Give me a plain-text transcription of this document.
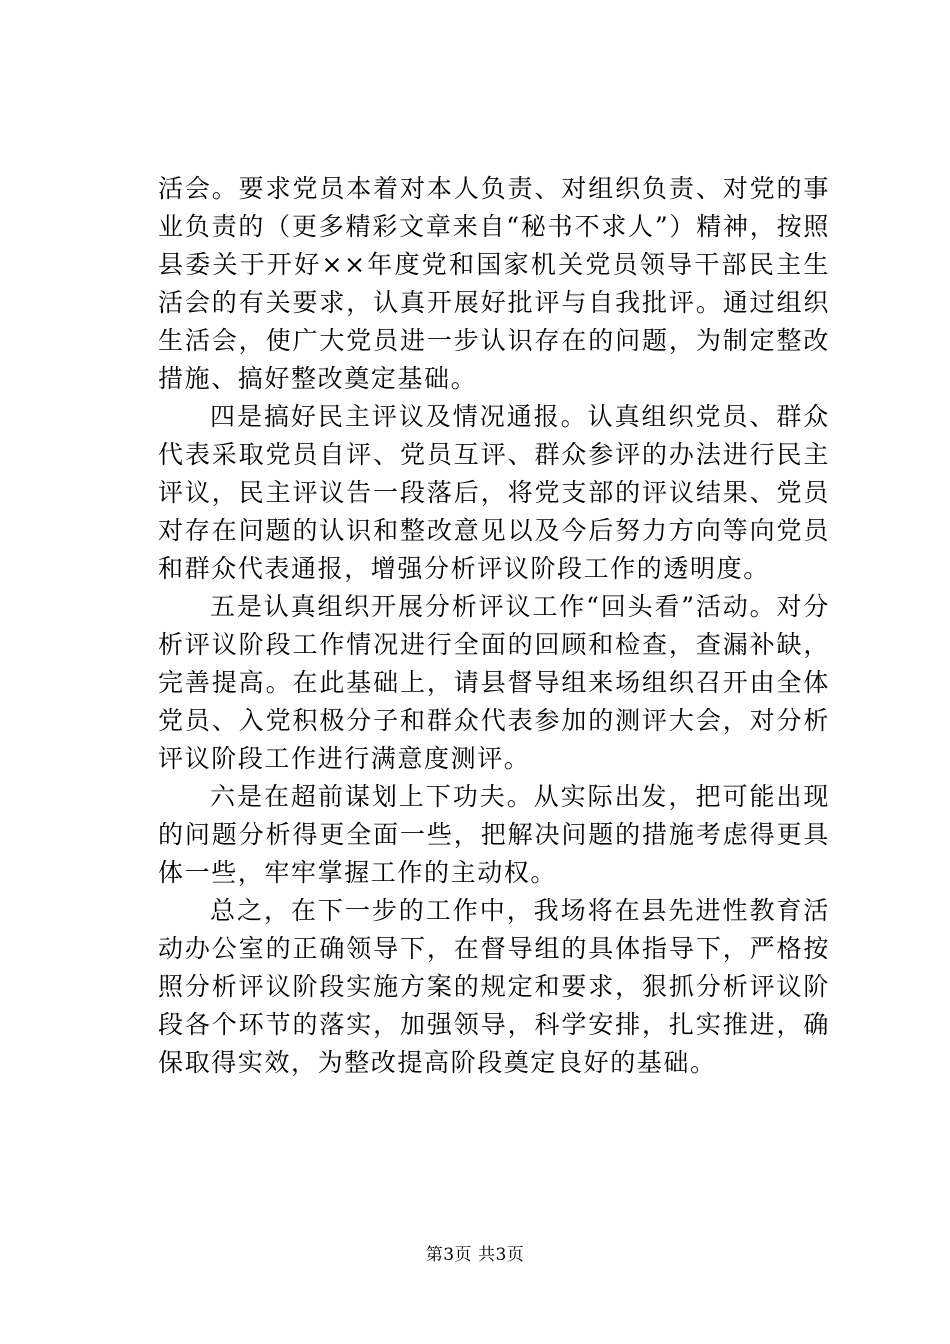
活会。要求党员本着对本人负责、对组织负责、对党的事业负责的（更多精彩文章来自“秘书不求人”）精神，按照县委关于开好××年度党和国家机关党员领导干部民主生活会的有关要求，认真开展好批评与自我批评。通过组织生活会，使广大党员进一步认识存在的问题，为制定整改措施、搞好整改奠定基础。

四是搞好民主评议及情况通报。认真组织党员、群众代表采取党员自评、党员互评、群众参评的办法进行民主评议，民主评议告一段落后，将党支部的评议结果、党员对存在问题的认识和整改意见以及今后努力方向等向党员和群众代表通报，增强分析评议阶段工作的透明度。

五是认真组织开展分析评议工作“回头看”活动。对分析评议阶段工作情况进行全面的回顾和检查，查漏补缺，完善提高。在此基础上，请县督导组来场组织召开由全体党员、入党积极分子和群众代表参加的测评大会，对分析评议阶段工作进行满意度测评。

六是在超前谋划上下功夫。从实际出发，把可能出现的问题分析得更全面一些，把解决问题的措施考虑得更具体一些，牢牢掌握工作的主动权。

总之，在下一步的工作中，我场将在县先进性教育活动办公室的正确领导下，在督导组的具体指导下，严格按照分析评议阶段实施方案的规定和要求，狠抓分析评议阶段各个环节的落实，加强领导，科学安排，扎实推进，确保取得实效，为整改提高阶段奠定良好的基础。

第3页 共3页
